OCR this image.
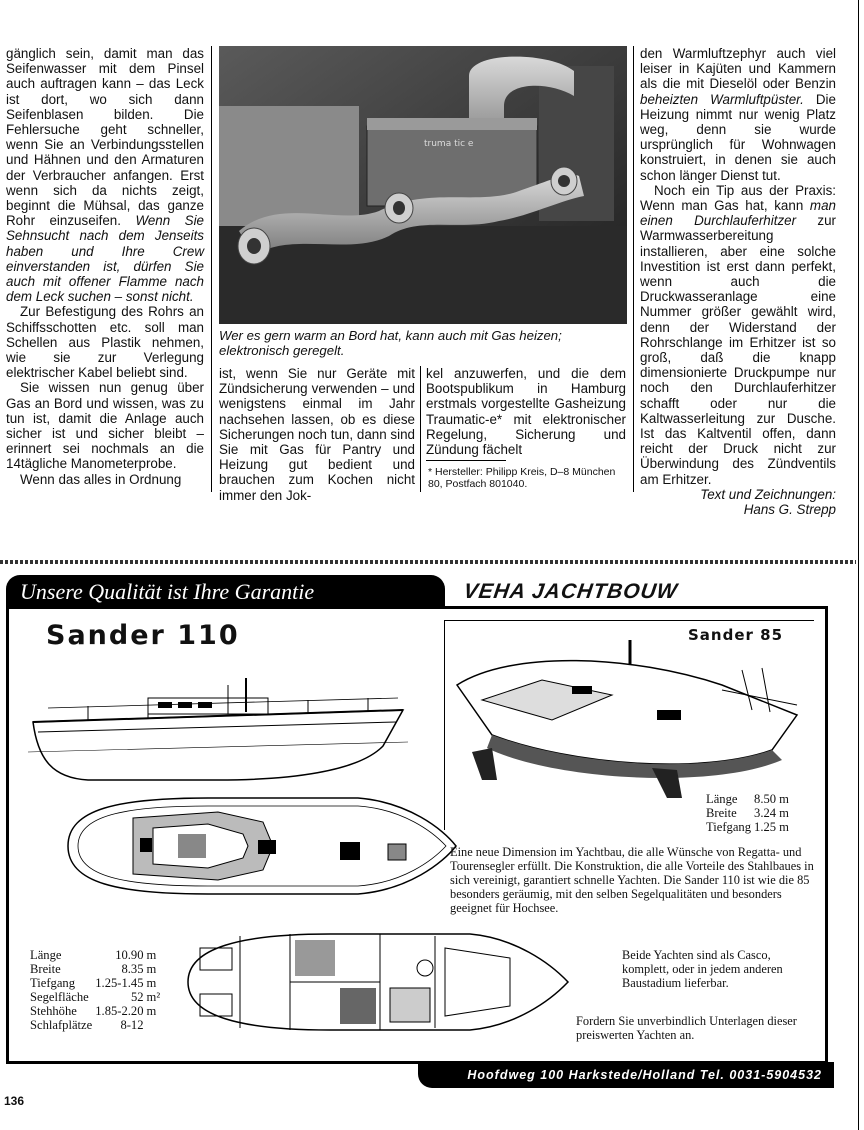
gänglich sein, damit man das Seifenwasser mit dem Pinsel auch auftragen kann – das Leck ist dort, wo sich dann Seifenblasen bilden. Die Fehlersuche geht schneller, wenn Sie an Verbindungsstellen und Hähnen und den Armaturen der Verbraucher anfangen. Erst wenn sich da nichts zeigt, beginnt die Mühsal, das ganze Rohr einzuseifen. Wenn Sie Sehnsucht nach dem Jenseits haben und Ihre Crew einverstanden ist, dürfen Sie auch mit offener Flamme nach dem Leck suchen – sonst nicht.

Zur Befestigung des Rohrs an Schiffsschotten etc. soll man Schellen aus Plastik nehmen, wie sie zur Verlegung elektrischer Kabel beliebt sind.

Sie wissen nun genug über Gas an Bord und wissen, was zu tun ist, damit die Anlage auch sicher ist und sicher bleibt – erinnert sei nochmals an die 14tägliche Manometerprobe.

Wenn das alles in Ordnung

truma tic e
Wer es gern warm an Bord hat, kann auch mit Gas heizen; elektronisch geregelt.
ist, wenn Sie nur Geräte mit Zündsicherung verwenden – und wenigstens einmal im Jahr nachsehen lassen, ob es diese Sicherungen noch tun, dann sind Sie mit Gas für Pantry und Heizung gut bedient und brauchen zum Kochen nicht immer den Jok-
kel anzuwerfen, und die dem Bootspublikum in Hamburg erstmals vorgestellte Gasheizung Traumatic-e* mit elektronischer Regelung, Sicherung und Zündung fächelt
* Hersteller: Philipp Kreis, D–8 München 80, Postfach 801040.

den Warmluftzephyr auch viel leiser in Kajüten und Kammern als die mit Dieselöl oder Benzin beheizten Warmluftpüster. Die Heizung nimmt nur wenig Platz weg, denn sie wurde ursprünglich für Wohnwagen konstruiert, in denen sie auch schon länger Dienst tut.

Noch ein Tip aus der Praxis: Wenn man Gas hat, kann man einen Durchlauferhitzer zur Warmwasserbereitung installieren, aber eine solche Investition ist erst dann perfekt, wenn auch die Druckwasseranlage eine Nummer größer gewählt wird, denn der Widerstand der Rohrschlange im Erhitzer ist so groß, daß die knapp dimensionierte Druckpumpe nur noch den Durchlauferhitzer schafft oder nur die Kaltwasserleitung zur Dusche. Ist das Kaltventil offen, dann reicht der Druck nicht zur Überwindung des Zündventils am Erhitzer.

Text und Zeichnungen:

Hans G. Strepp

Unsere Qualität ist Ihre Garantie	VEHA JACHTBOUW
Sander 110	Sander 85
Länge	8.50	m
Breite	3.24	m
Tiefgang	1.25	m
Eine neue Dimension im Yachtbau, die alle Wünsche von Regatta- und Tourensegler erfüllt. Die Konstruktion, die alle Vorteile des Stahlbaues in sich vereinigt, garantiert schnelle Yachten. Die Sander 110 ist wie die 85 besonders geräumig, mit den selben Segelqualitäten und besonders geeignet für Hochsee.
Länge	10.90	m
Breite	8.35	m
Tiefgang	1.25-1.45	m
Segelfläche	52	m²
Stehhöhe	1.85-2.20	m
Schlafplätze	8-12	
Beide Yachten sind als Casco, komplett, oder in jedem anderen Baustadium lieferbar.
Fordern Sie unverbindlich Unterlagen dieser preiswerten Yachten an.
Hoofdweg 100 Harkstede/Holland Tel. 0031-5904532
136
